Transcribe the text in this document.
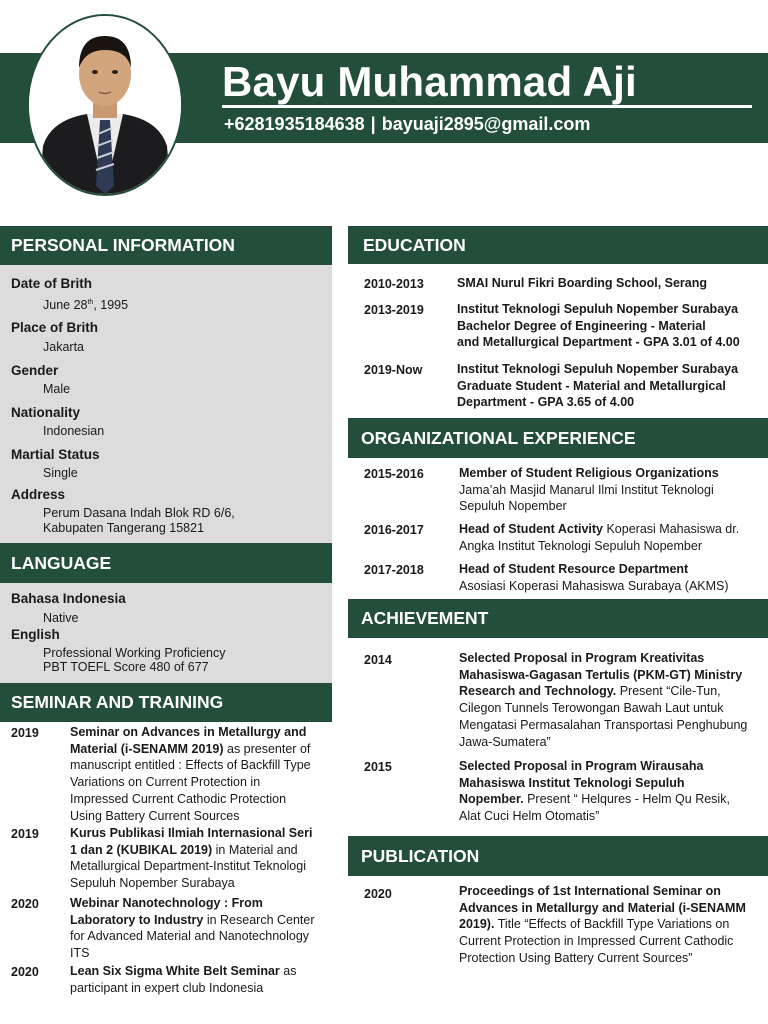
Bayu Muhammad Aji
+6281935184638 | bayuaji2895@gmail.com
PERSONAL INFORMATION
Date of Brith
June 28th, 1995
Place of Brith
Jakarta
Gender
Male
Nationality
Indonesian
Martial Status
Single
Address
Perum Dasana Indah Blok RD 6/6,
Kabupaten Tangerang 15821
LANGUAGE
Bahasa Indonesia
Native
English
Professional Working Proficiency
PBT TOEFL Score 480 of 677
SEMINAR AND TRAINING
2019 Seminar on Advances in Metallurgy and Material (i-SENAMM 2019) as presenter of manuscript entitled : Effects of Backfill Type Variations on Current Protection in Impressed Current Cathodic Protection Using Battery Current Sources
2019 Kurus Publikasi Ilmiah Internasional Seri 1 dan 2 (KUBIKAL 2019) in Material and Metallurgical Department-Institut Teknologi Sepuluh Nopember Surabaya
2020 Webinar Nanotechnology : From Laboratory to Industry in Research Center for Advanced Material and Nanotechnology ITS
2020 Lean Six Sigma White Belt Seminar as participant in expert club Indonesia
EDUCATION
2010-2013	SMAI Nurul Fikri Boarding School, Serang
2013-2019	Institut Teknologi Sepuluh Nopember Surabaya
Bachelor Degree of Engineering - Material
and Metallurgical Department - GPA 3.01 of 4.00
2019-Now	Institut Teknologi Sepuluh Nopember Surabaya
Graduate Student - Material and Metallurgical
Department - GPA 3.65 of 4.00
ORGANIZATIONAL EXPERIENCE
2015-2016	Member of Student Religious Organizations
Jama’ah Masjid Manarul Ilmi Institut Teknologi Sepuluh Nopember
2016-2017	Head of Student Activity Koperasi Mahasiswa dr. Angka Institut Teknologi Sepuluh Nopember
2017-2018	Head of Student Resource Department
Asosiasi Koperasi Mahasiswa Surabaya (AKMS)
ACHIEVEMENT
2014	Selected Proposal in Program Kreativitas Mahasiswa-Gagasan Tertulis (PKM-GT) Ministry Research and Technology. Present “Cile-Tun, Cilegon Tunnels Terowongan Bawah Laut untuk Mengatasi Permasalahan Transportasi Penghubung Jawa-Sumatera”
2015	Selected Proposal in Program Wirausaha Mahasiswa Institut Teknologi Sepuluh Nopember. Present “ Helqures - Helm Qu Resik, Alat Cuci Helm Otomatis”
PUBLICATION
2020	Proceedings of 1st International Seminar on Advances in Metallurgy and Material (i-SENAMM 2019). Title “Effects of Backfill Type Variations on Current Protection in Impressed Current Cathodic Protection Using Battery Current Sources”
